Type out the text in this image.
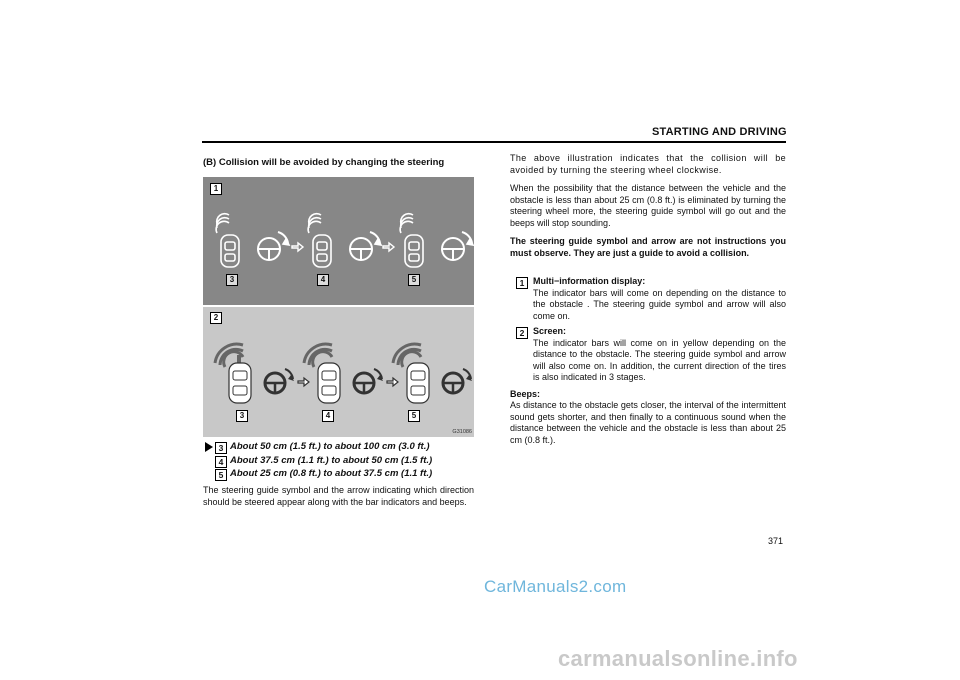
STARTING AND DRIVING
(B) Collision will be avoided by changing the steering
1
3	4	5
2
3	4	5
G31086
3 About 50 cm (1.5 ft.) to about 100 cm (3.0 ft.)
4 About 37.5 cm (1.1 ft.) to about 50 cm (1.5 ft.)
5 About 25 cm (0.8 ft.) to about 37.5 cm (1.1 ft.)
The steering guide symbol and the arrow indicating which direction should be steered appear along with the bar indicators and beeps.
The above illustration indicates that the collision will be avoided by turning the steering wheel clockwise.
When the possibility that the distance between the vehicle and the obstacle is less than about 25 cm (0.8 ft.) is eliminated by turning the steering wheel more, the steering guide symbol will go out and the beeps will stop sounding.
The steering guide symbol and arrow are not instructions you must observe. They are just a guide to avoid a collision.
1 Multi−information display:
The indicator bars will come on depending on the distance to the obstacle . The steering guide symbol and arrow will also come on.
2 Screen:
The indicator bars will come on in yellow depending on the distance to the obstacle. The steering guide symbol and arrow will also come on. In addition, the current direction of the tires is also indicated in 3 stages.
Beeps:
As distance to the obstacle gets closer, the interval of the intermittent sound gets shorter, and then finally to a continuous sound when the distance between the vehicle and the obstacle is less than about 25 cm (0.8 ft.).
371
CarManuals2.com
carmanualsonline.info
